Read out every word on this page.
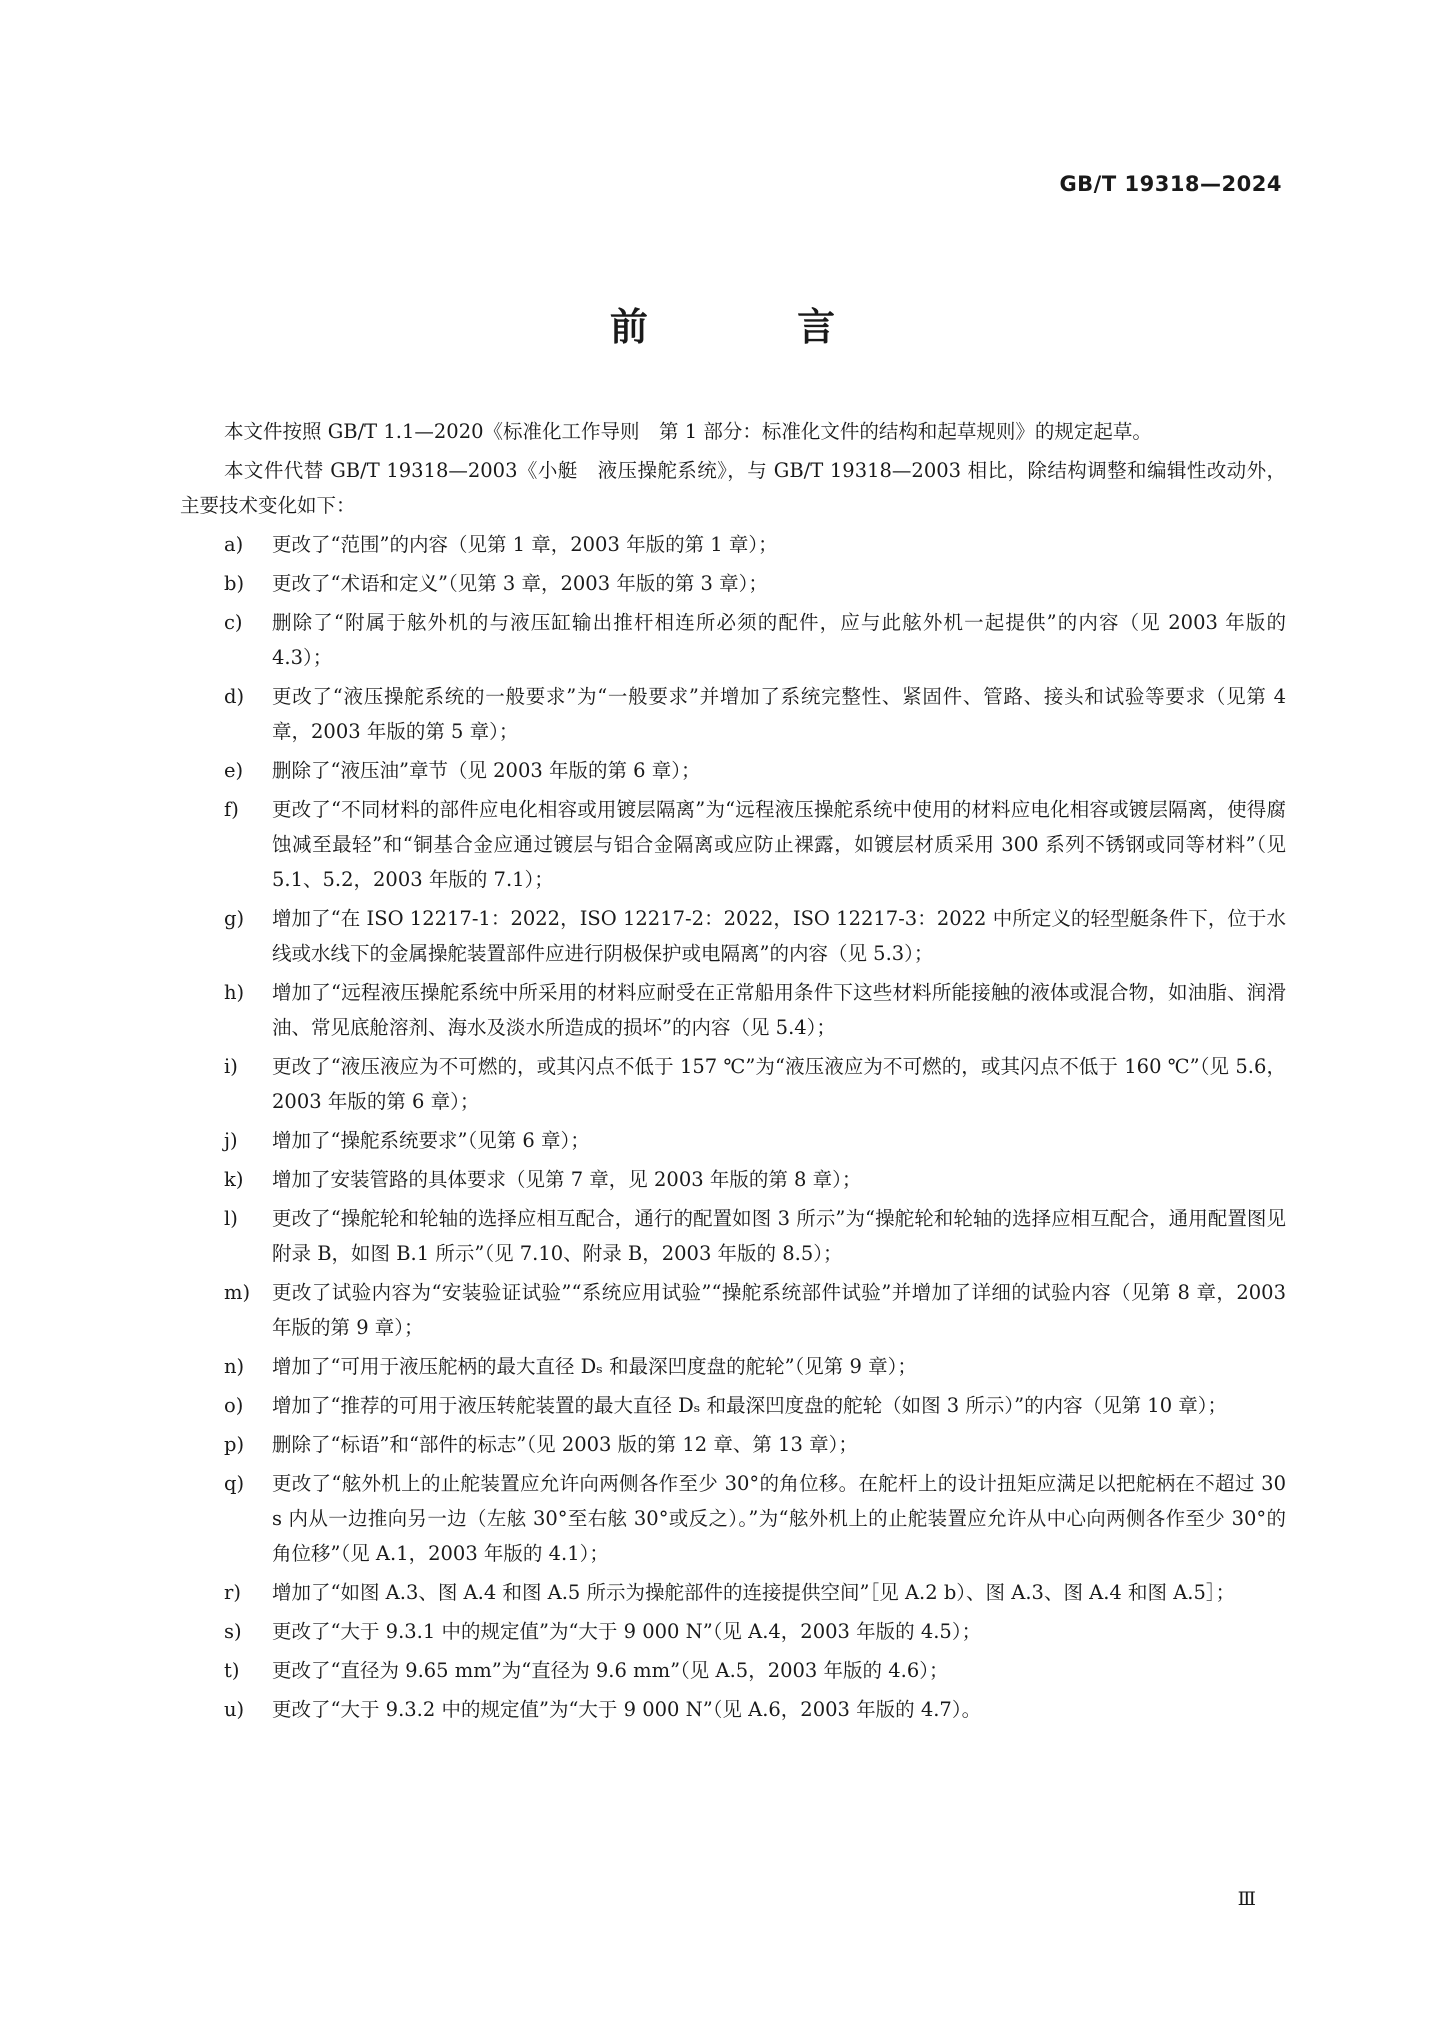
GB/T 19318—2024
前 言

本文件按照 GB/T 1.1—2020《标准化工作导则　第 1 部分：标准化文件的结构和起草规则》的规定起草。

本文件代替 GB/T 19318—2003《小艇　液压操舵系统》，与 GB/T 19318—2003 相比，除结构调整和编辑性改动外，主要技术变化如下：

a)	更改了“范围”的内容（见第 1 章，2003 年版的第 1 章）；
b)	更改了“术语和定义”（见第 3 章，2003 年版的第 3 章）；
c)	删除了“附属于舷外机的与液压缸输出推杆相连所必须的配件，应与此舷外机一起提供”的内容（见 2003 年版的 4.3）；
d)	更改了“液压操舵系统的一般要求”为“一般要求”并增加了系统完整性、紧固件、管路、接头和试验等要求（见第 4 章，2003 年版的第 5 章）；
e)	删除了“液压油”章节（见 2003 年版的第 6 章）；
f)	更改了“不同材料的部件应电化相容或用镀层隔离”为“远程液压操舵系统中使用的材料应电化相容或镀层隔离，使得腐蚀减至最轻”和“铜基合金应通过镀层与铝合金隔离或应防止裸露，如镀层材质采用 300 系列不锈钢或同等材料”（见 5.1、5.2，2003 年版的 7.1）；
g)	增加了“在 ISO 12217-1：2022，ISO 12217-2：2022，ISO 12217-3：2022 中所定义的轻型艇条件下，位于水线或水线下的金属操舵装置部件应进行阴极保护或电隔离”的内容（见 5.3）；
h)	增加了“远程液压操舵系统中所采用的材料应耐受在正常船用条件下这些材料所能接触的液体或混合物，如油脂、润滑油、常见底舱溶剂、海水及淡水所造成的损坏”的内容（见 5.4）；
i)	更改了“液压液应为不可燃的，或其闪点不低于 157 ℃”为“液压液应为不可燃的，或其闪点不低于 160 ℃”（见 5.6，2003 年版的第 6 章）；
j)	增加了“操舵系统要求”（见第 6 章）；
k)	增加了安装管路的具体要求（见第 7 章，见 2003 年版的第 8 章）；
l)	更改了“操舵轮和轮轴的选择应相互配合，通行的配置如图 3 所示”为“操舵轮和轮轴的选择应相互配合，通用配置图见附录 B，如图 B.1 所示”（见 7.10、附录 B，2003 年版的 8.5）；
m)	更改了试验内容为“安装验证试验”“系统应用试验”“操舵系统部件试验”并增加了详细的试验内容（见第 8 章，2003 年版的第 9 章）；
n)	增加了“可用于液压舵柄的最大直径 Dₛ 和最深凹度盘的舵轮”（见第 9 章）；
o)	增加了“推荐的可用于液压转舵装置的最大直径 Dₛ 和最深凹度盘的舵轮（如图 3 所示）”的内容（见第 10 章）；
p)	删除了“标语”和“部件的标志”（见 2003 版的第 12 章、第 13 章）；
q)	更改了“舷外机上的止舵装置应允许向两侧各作至少 30°的角位移。在舵杆上的设计扭矩应满足以把舵柄在不超过 30 s 内从一边推向另一边（左舷 30°至右舷 30°或反之）。”为“舷外机上的止舵装置应允许从中心向两侧各作至少 30°的角位移”（见 A.1，2003 年版的 4.1）；
r)	增加了“如图 A.3、图 A.4 和图 A.5 所示为操舵部件的连接提供空间”［见 A.2 b）、图 A.3、图 A.4 和图 A.5］；
s)	更改了“大于 9.3.1 中的规定值”为“大于 9 000 N”（见 A.4，2003 年版的 4.5）；
t)	更改了“直径为 9.65 mm”为“直径为 9.6 mm”（见 A.5，2003 年版的 4.6）；
u)	更改了“大于 9.3.2 中的规定值”为“大于 9 000 N”（见 A.6，2003 年版的 4.7）。
Ⅲ
